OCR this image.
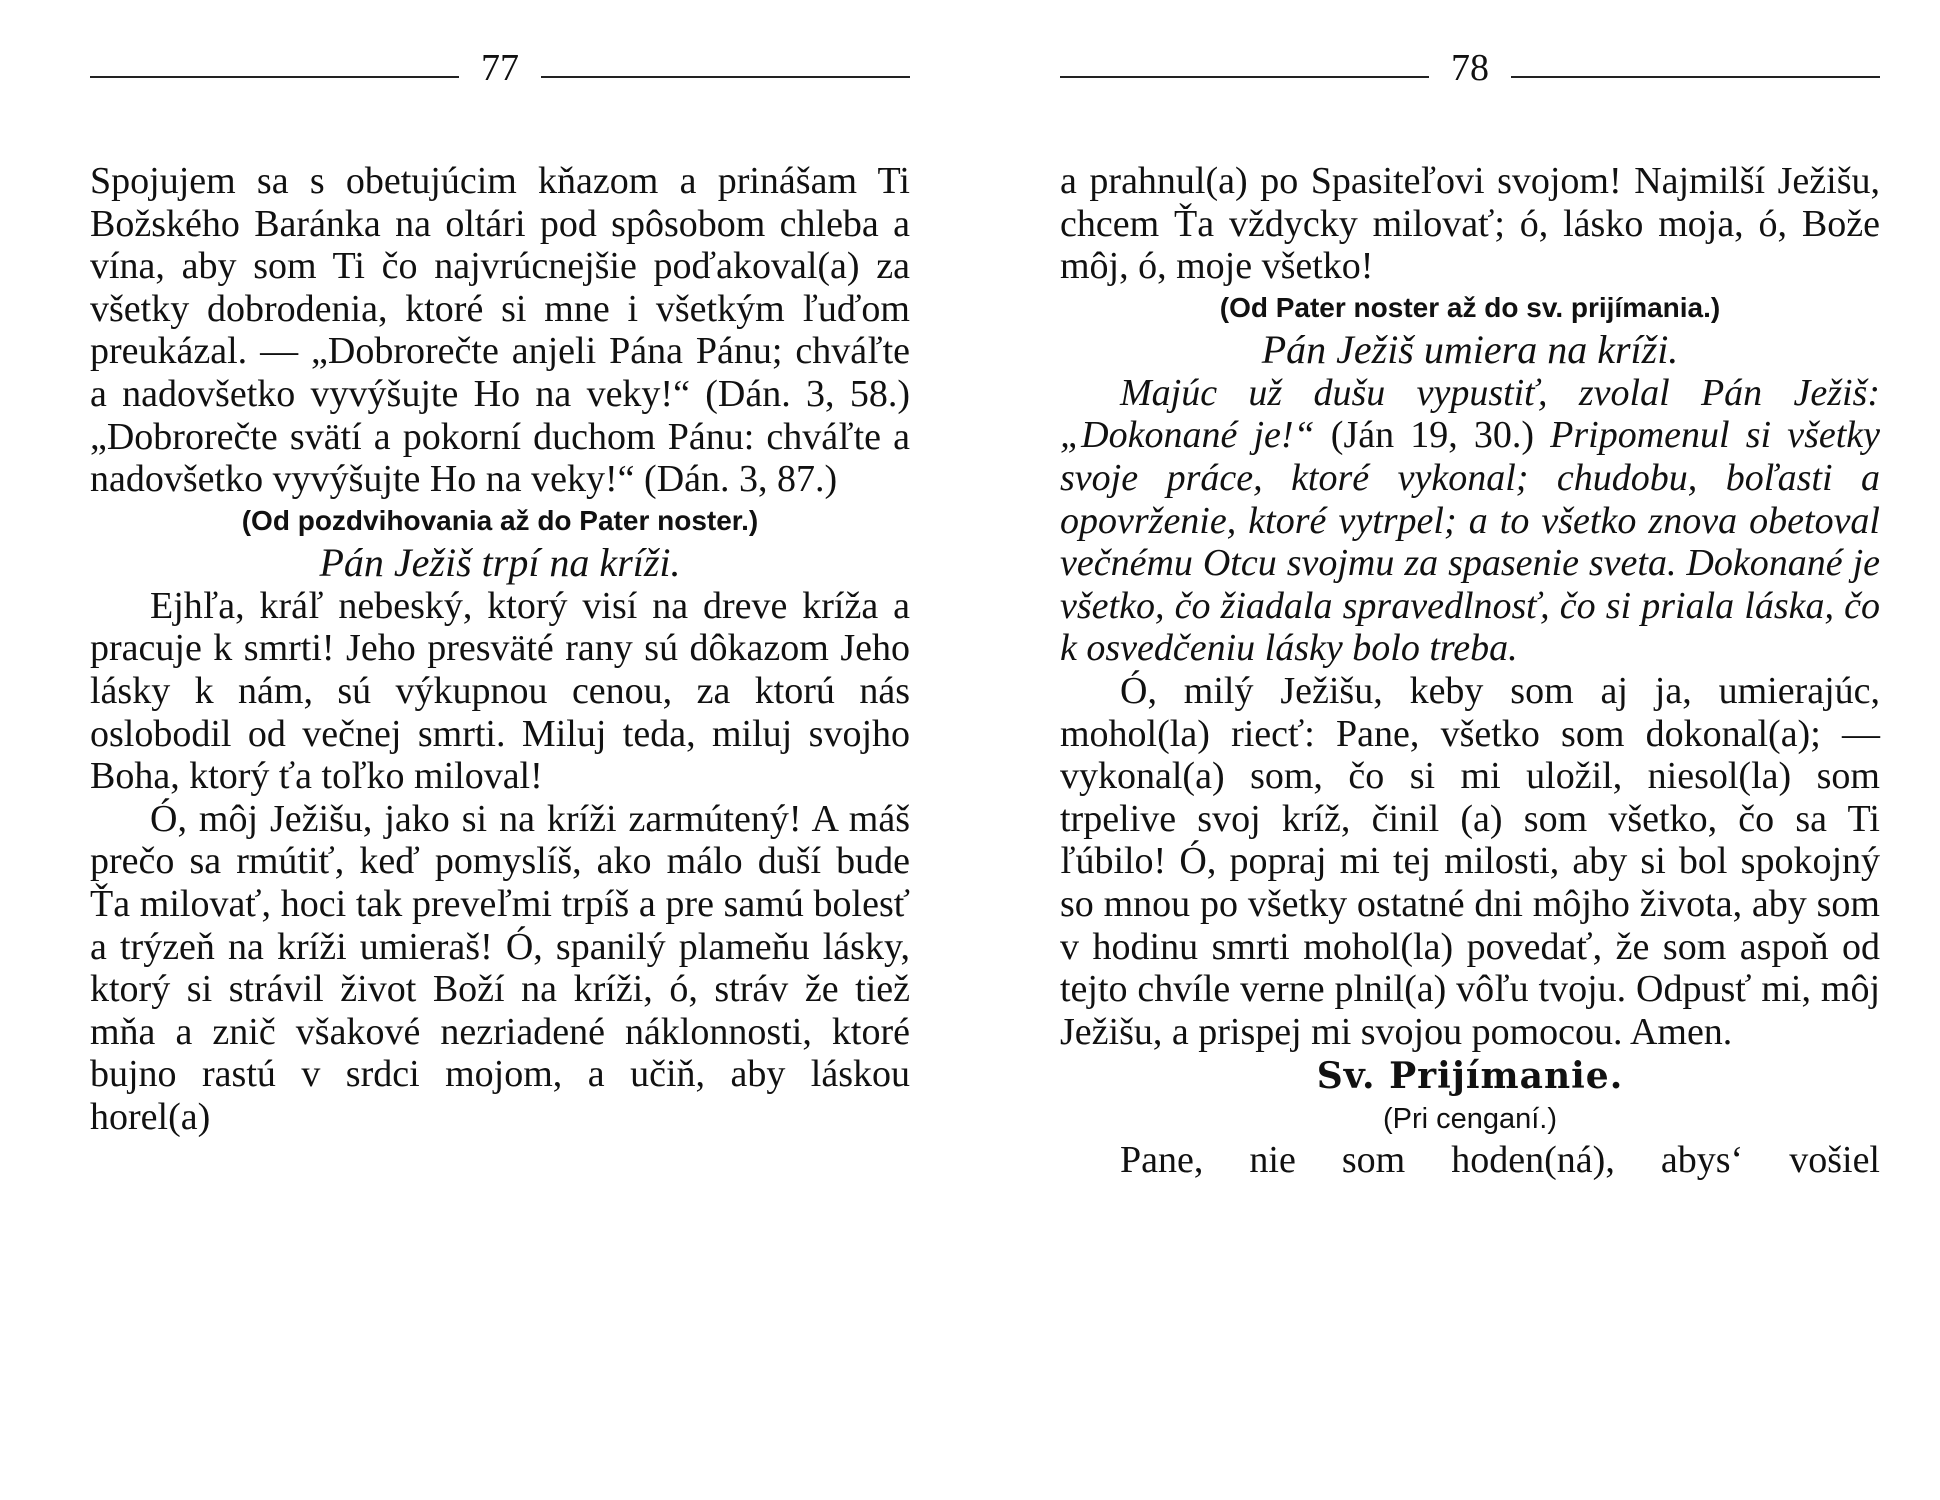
77

Spojujem sa s obetujúcim kňazom a prinášam Ti Božského Baránka na oltári pod spôsobom chleba a vína, aby som Ti čo najvrúcnejšie poďakoval(a) za všetky dobrodenia, ktoré si mne i všetkým ľuďom preukázal. — „Dobrorečte anjeli Pána Pánu; chváľte a nadovšetko vyvýšujte Ho na veky!“ (Dán. 3, 58.) „Dobrorečte svätí a pokorní duchom Pánu: chváľte a nadovšetko vyvýšujte Ho na veky!“ (Dán. 3, 87.)

(Od pozdvihovania až do Pater noster.)

Pán Ježiš trpí na kríži.

Ejhľa, kráľ nebeský, ktorý visí na dreve kríža a pracuje k smrti! Jeho presväté rany sú dôkazom Jeho lásky k nám, sú výkupnou cenou, za ktorú nás oslobodil od večnej smrti. Miluj teda, miluj svojho Boha, ktorý ťa toľko miloval!

Ó, môj Ježišu, jako si na kríži zarmútený! A máš prečo sa rmútiť, keď pomyslíš, ako málo duší bude Ťa milovať, hoci tak preveľmi trpíš a pre samú bolesť a trýzeň na kríži umieraš! Ó, spanilý plameňu lásky, ktorý si strávil život Boží na kríži, ó, stráv že tiež mňa a znič všakové nezriadené náklonnosti, ktoré bujno rastú v srdci mojom, a učiň, aby láskou horel(a)

78

a prahnul(a) po Spasiteľovi svojom! Najmilší Ježišu, chcem Ťa vždycky milovať; ó, lásko moja, ó, Bože môj, ó, moje všetko!

(Od Pater noster až do sv. prijímania.)

Pán Ježiš umiera na kríži.

Majúc už dušu vypustiť, zvolal Pán Ježiš: „Dokonané je!“ (Ján 19, 30.) Pripomenul si všetky svoje práce, ktoré vykonal; chudobu, boľasti a opovrženie, ktoré vytrpel; a to všetko znova obetoval večnému Otcu svojmu za spasenie sveta. Dokonané je všetko, čo žiadala spravedlnosť, čo si priala láska, čo k osvedčeniu lásky bolo treba.

Ó, milý Ježišu, keby som aj ja, umierajúc, mohol(la) riecť: Pane, všetko som dokonal(a); — vykonal(a) som, čo si mi uložil, niesol(la) som trpelive svoj kríž, činil (a) som všetko, čo sa Ti ľúbilo! Ó, popraj mi tej milosti, aby si bol spokojný so mnou po všetky ostatné dni môjho života, aby som v hodinu smrti mohol(la) povedať, že som aspoň od tejto chvíle verne plnil(a) vôľu tvoju. Odpusť mi, môj Ježišu, a prispej mi svojou pomocou. Amen.

Sv. Prijímanie.

(Pri cenganí.)

Pane, nie som hoden(ná), abys‘ vošiel
